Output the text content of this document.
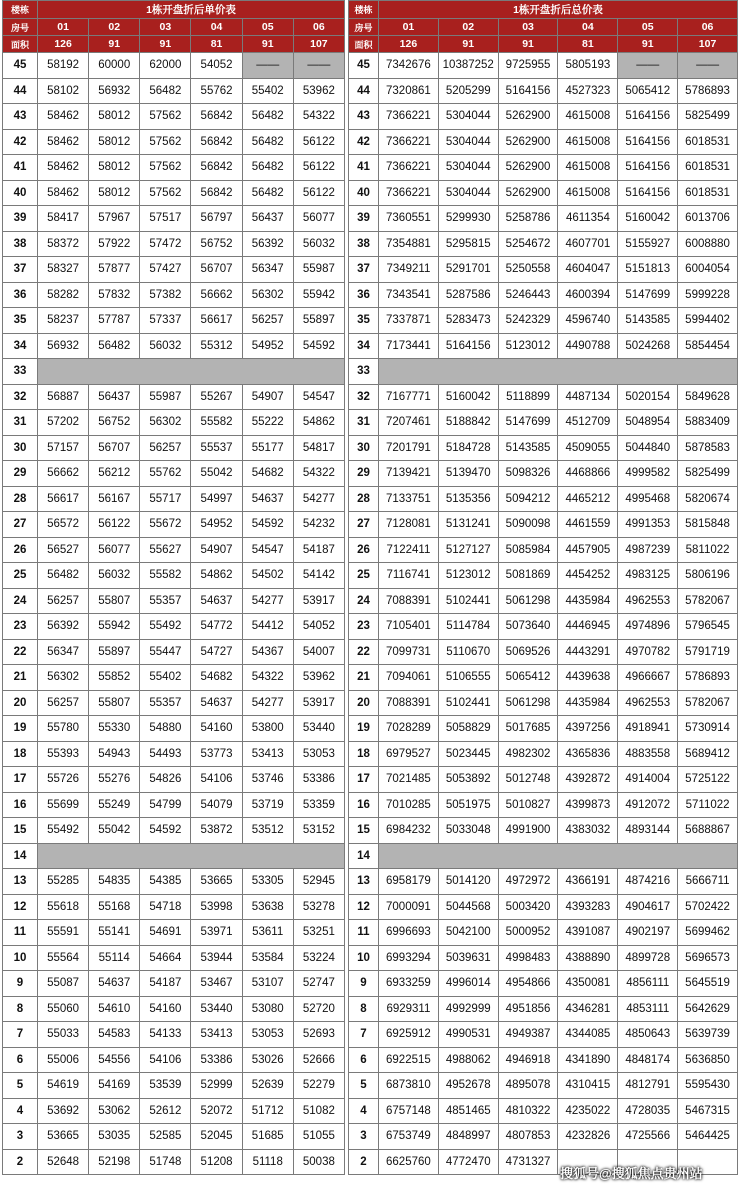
楼栋	1栋开盘折后单价表					
房号	01	02	03	04	05	06
面积	126	91	91	81	91	107
45	58192	60000	62000	54052	——	——
44	58102	56932	56482	55762	55402	53962
43	58462	58012	57562	56842	56482	54322
42	58462	58012	57562	56842	56482	56122
41	58462	58012	57562	56842	56482	56122
40	58462	58012	57562	56842	56482	56122
39	58417	57967	57517	56797	56437	56077
38	58372	57922	57472	56752	56392	56032
37	58327	57877	57427	56707	56347	55987
36	58282	57832	57382	56662	56302	55942
35	58237	57787	57337	56617	56257	55897
34	56932	56482	56032	55312	54952	54592
33						
32	56887	56437	55987	55267	54907	54547
31	57202	56752	56302	55582	55222	54862
30	57157	56707	56257	55537	55177	54817
29	56662	56212	55762	55042	54682	54322
28	56617	56167	55717	54997	54637	54277
27	56572	56122	55672	54952	54592	54232
26	56527	56077	55627	54907	54547	54187
25	56482	56032	55582	54862	54502	54142
24	56257	55807	55357	54637	54277	53917
23	56392	55942	55492	54772	54412	54052
22	56347	55897	55447	54727	54367	54007
21	56302	55852	55402	54682	54322	53962
20	56257	55807	55357	54637	54277	53917
19	55780	55330	54880	54160	53800	53440
18	55393	54943	54493	53773	53413	53053
17	55726	55276	54826	54106	53746	53386
16	55699	55249	54799	54079	53719	53359
15	55492	55042	54592	53872	53512	53152
14						
13	55285	54835	54385	53665	53305	52945
12	55618	55168	54718	53998	53638	53278
11	55591	55141	54691	53971	53611	53251
10	55564	55114	54664	53944	53584	53224
9	55087	54637	54187	53467	53107	52747
8	55060	54610	54160	53440	53080	52720
7	55033	54583	54133	53413	53053	52693
6	55006	54556	54106	53386	53026	52666
5	54619	54169	53539	52999	52639	52279
4	53692	53062	52612	52072	51712	51082
3	53665	53035	52585	52045	51685	51055
2	52648	52198	51748	51208	51118	50038
楼栋	1栋开盘折后总价表					
房号	01	02	03	04	05	06
面积	126	91	91	81	91	107
45	7342676	10387252	9725955	5805193	——	——
44	7320861	5205299	5164156	4527323	5065412	5786893
43	7366221	5304044	5262900	4615008	5164156	5825499
42	7366221	5304044	5262900	4615008	5164156	6018531
41	7366221	5304044	5262900	4615008	5164156	6018531
40	7366221	5304044	5262900	4615008	5164156	6018531
39	7360551	5299930	5258786	4611354	5160042	6013706
38	7354881	5295815	5254672	4607701	5155927	6008880
37	7349211	5291701	5250558	4604047	5151813	6004054
36	7343541	5287586	5246443	4600394	5147699	5999228
35	7337871	5283473	5242329	4596740	5143585	5994402
34	7173441	5164156	5123012	4490788	5024268	5854454
33						
32	7167771	5160042	5118899	4487134	5020154	5849628
31	7207461	5188842	5147699	4512709	5048954	5883409
30	7201791	5184728	5143585	4509055	5044840	5878583
29	7139421	5139470	5098326	4468866	4999582	5825499
28	7133751	5135356	5094212	4465212	4995468	5820674
27	7128081	5131241	5090098	4461559	4991353	5815848
26	7122411	5127127	5085984	4457905	4987239	5811022
25	7116741	5123012	5081869	4454252	4983125	5806196
24	7088391	5102441	5061298	4435984	4962553	5782067
23	7105401	5114784	5073640	4446945	4974896	5796545
22	7099731	5110670	5069526	4443291	4970782	5791719
21	7094061	5106555	5065412	4439638	4966667	5786893
20	7088391	5102441	5061298	4435984	4962553	5782067
19	7028289	5058829	5017685	4397256	4918941	5730914
18	6979527	5023445	4982302	4365836	4883558	5689412
17	7021485	5053892	5012748	4392872	4914004	5725122
16	7010285	5051975	5010827	4399873	4912072	5711022
15	6984232	5033048	4991900	4383032	4893144	5688867
14						
13	6958179	5014120	4972972	4366191	4874216	5666711
12	7000091	5044568	5003420	4393283	4904617	5702422
11	6996693	5042100	5000952	4391087	4902197	5699462
10	6993294	5039631	4998483	4388890	4899728	5696573
9	6933259	4996014	4954866	4350081	4856111	5645519
8	6929311	4992999	4951856	4346281	4853111	5642629
7	6925912	4990531	4949387	4344085	4850643	5639739
6	6922515	4988062	4946918	4341890	4848174	5636850
5	6873810	4952678	4895078	4310415	4812791	5595430
4	6757148	4851465	4810322	4235022	4728035	5467315
3	6753749	4848997	4807853	4232826	4725566	5464425
2	6625760	4772470	4731327			
搜狐号@搜狐焦点贵州站
